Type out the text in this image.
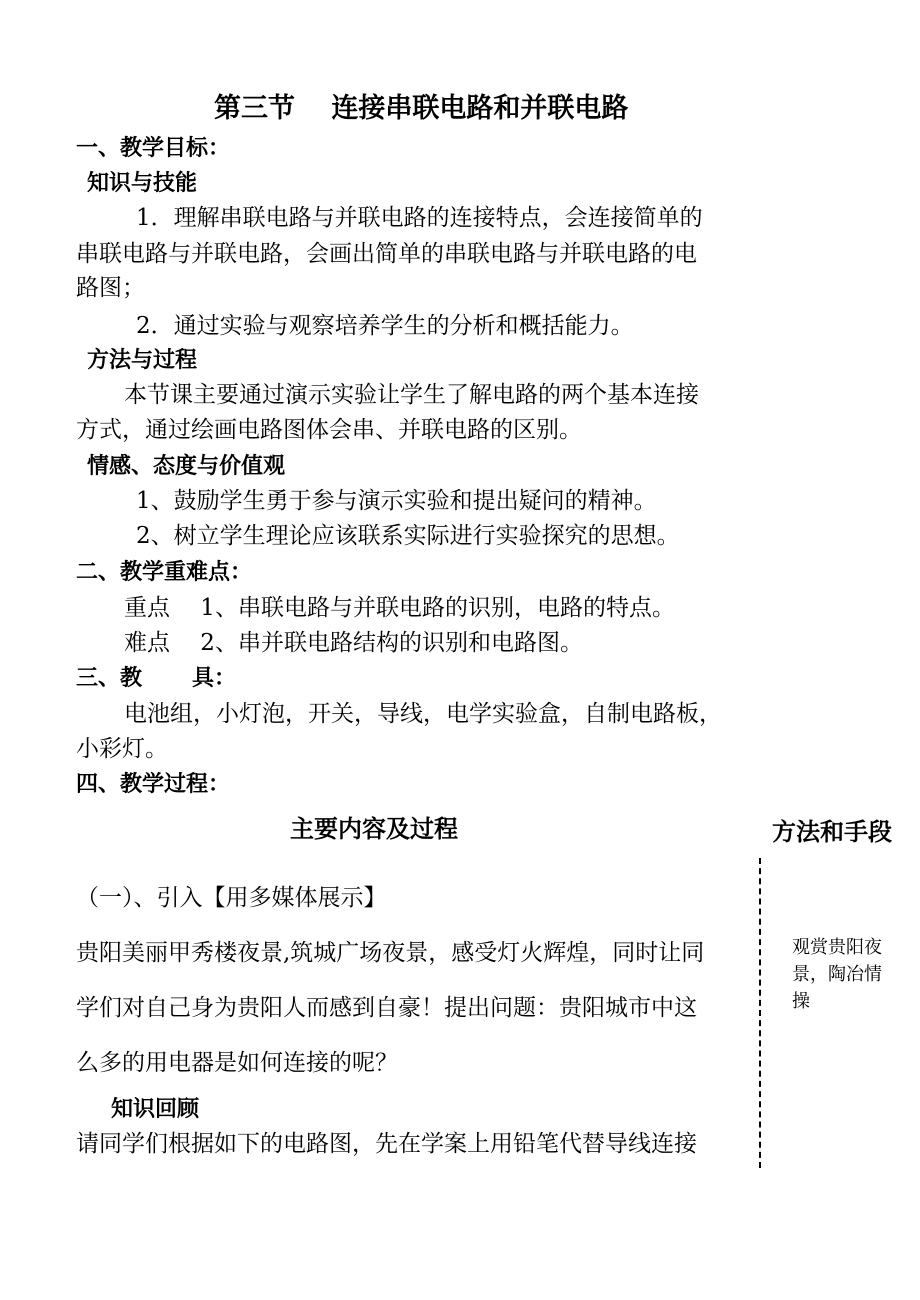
第三节　 连接串联电路和并联电路
一、教学目标：
知识与技能
1．理解串联电路与并联电路的连接特点，会连接简单的
串联电路与并联电路，会画出简单的串联电路与并联电路的电
路图；
2．通过实验与观察培养学生的分析和概括能力。
方法与过程
本节课主要通过演示实验让学生了解电路的两个基本连接
方式，通过绘画电路图体会串、并联电路的区别。
情感、态度与价值观
1、鼓励学生勇于参与演示实验和提出疑问的精神。
2、树立学生理论应该联系实际进行实验探究的思想。
二、教学重难点：
重点　 1、串联电路与并联电路的识别，电路的特点。
难点　 2、串并联电路结构的识别和电路图。
三、教 具：
电池组，小灯泡，开关，导线，电学实验盒，自制电路板，
小彩灯。
四、教学过程：
主要内容及过程	方法和手段
（一）、引入【用多媒体展示】
贵阳美丽甲秀楼夜景,筑城广场夜景，感受灯火辉煌，同时让同
学们对自己身为贵阳人而感到自豪！提出问题：贵阳城市中这
么多的用电器是如何连接的呢？
知识回顾
请同学们根据如下的电路图，先在学案上用铅笔代替导线连接
观赏贵阳夜
景，陶冶情
操
